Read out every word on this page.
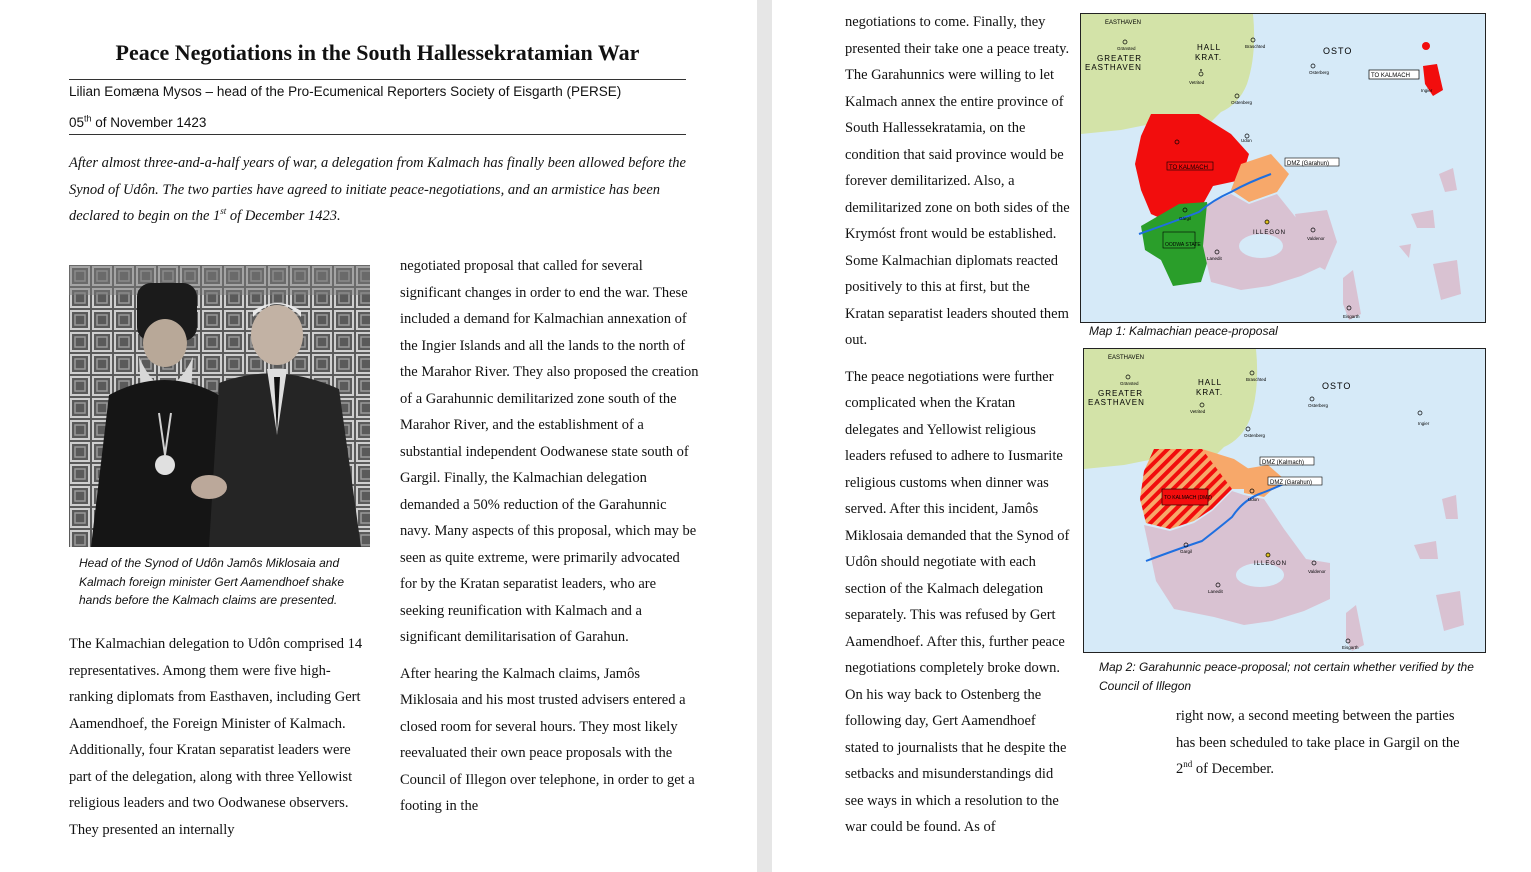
Peace Negotiations in the South Hallessekratamian War
Lilian Eomæna Mysos – head of the Pro-Ecumenical Reporters Society of Eisgarth (PERSE)
05th of November 1423
After almost three-and-a-half years of war, a delegation from Kalmach has finally been allowed before the Synod of Udôn. The two parties have agreed to initiate peace-negotiations, and an armistice has been declared to begin on the 1st of December 1423.
Head of the Synod of Udôn Jamôs Miklosaia and Kalmach foreign minister Gert Aamendhoef shake hands before the Kalmach claims are presented.

The Kalmachian delegation to Udôn comprised 14 representatives. Among them were five high-ranking diplomats from Easthaven, including Gert Aamendhoef, the Foreign Minister of Kalmach. Additionally, four Kratan separatist leaders were part of the delegation, along with three Yellowist religious leaders and two Oodwanese observers. They presented an internally

negotiated proposal that called for several significant changes in order to end the war. These included a demand for Kalmachian annexation of the Ingier Islands and all the lands to the north of the Marahor River. They also proposed the creation of a Garahunnic demilitarized zone south of the Marahor River, and the establishment of a substantial independent Oodwanese state south of Gargil. Finally, the Kalmachian delegation demanded a 50% reduction of the Garahunnic navy. Many aspects of this proposal, which may be seen as quite extreme, were primarily advocated for by the Kratan separatist leaders, who are seeking reunification with Kalmach and a significant demilitarisation of Garahun.

After hearing the Kalmach claims, Jamôs Miklosaia and his most trusted advisers entered a closed room for several hours. They most likely reevaluated their own peace proposals with the Council of Illegon over telephone, in order to get a footing in the

negotiations to come. Finally, they presented their take one a peace treaty. The Garahunnics were willing to let Kalmach annex the entire province of South Hallessekratamia, on the condition that said province would be forever demilitarized. Also, a demilitarized zone on both sides of the Krymóst front would be established. Some Kalmachian diplomats reacted positively to this at first, but the Kratan separatist leaders shouted them out.

The peace negotiations were further complicated when the Kratan delegates and Yellowist religious leaders refused to adhere to Iusmarite religious customs when dinner was served. After this incident, Jamôs Miklosaia demanded that the Synod of Udôn should negotiate with each section of the Kalmach delegation separately. This was refused by Gert Aamendhoef. After this, further peace negotiations completely broke down. On his way back to Ostenberg the following day, Gert Aamendhoef stated to journalists that he despite the setbacks and misunderstandings did see ways in which a resolution to the war could be found. As of

EASTHAVEN
GREATER
EASTHAVEN
HALL
KRAT.
OSTO
TO KALMACH
TO KALMACH
DMZ (Garahun)
ILLEGON
OODWA STATE
Gränsted
Vetrited
Braschted
Ostenberg
Osterberg
Ingier
Udon
Gargil
Lanedit
Valdenor
Eisgarth
Map 1: Kalmachian peace-proposal
EASTHAVEN
GREATER
EASTHAVEN
HALL
KRAT.
OSTO
DMZ (Kalmach)
DMZ (Garahun)
TO KALMACH (DMZ)
ILLEGON
Gränsted
Vetrited
Braschted
Ostenberg
Osterberg
Ingier
Udon
Gargil
Lanedit
Valdenor
Eisgarth
Map 2: Garahunnic peace-proposal; not certain whether verified by the Council of Illegon

right now, a second meeting between the parties has been scheduled to take place in Gargil on the 2nd of December.
